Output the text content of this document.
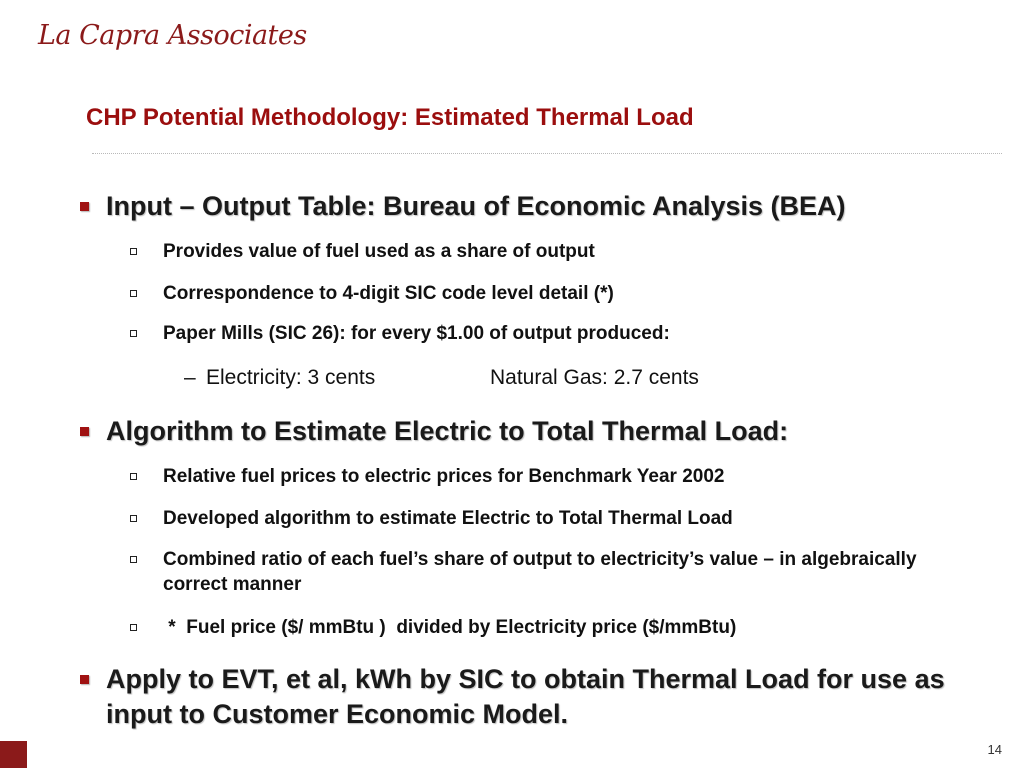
La Capra Associates
CHP Potential Methodology: Estimated Thermal Load
Input – Output Table: Bureau of Economic Analysis (BEA)
Provides value of fuel used as a share of output
Correspondence to 4-digit SIC code level detail (*)
Paper Mills (SIC 26): for every $1.00 of output produced:
– Electricity: 3 cents	Natural Gas: 2.7 cents
Algorithm to Estimate Electric to Total Thermal Load:
Relative fuel prices to electric prices for Benchmark Year 2002
Developed algorithm to estimate Electric to Total Thermal Load
Combined ratio of each fuel’s share of output to electricity’s value – in algebraically correct manner
*  Fuel price ($/ mmBtu )  divided by Electricity price ($/mmBtu)
Apply to EVT, et al, kWh by SIC to obtain Thermal Load for use as input to Customer Economic Model.
14
